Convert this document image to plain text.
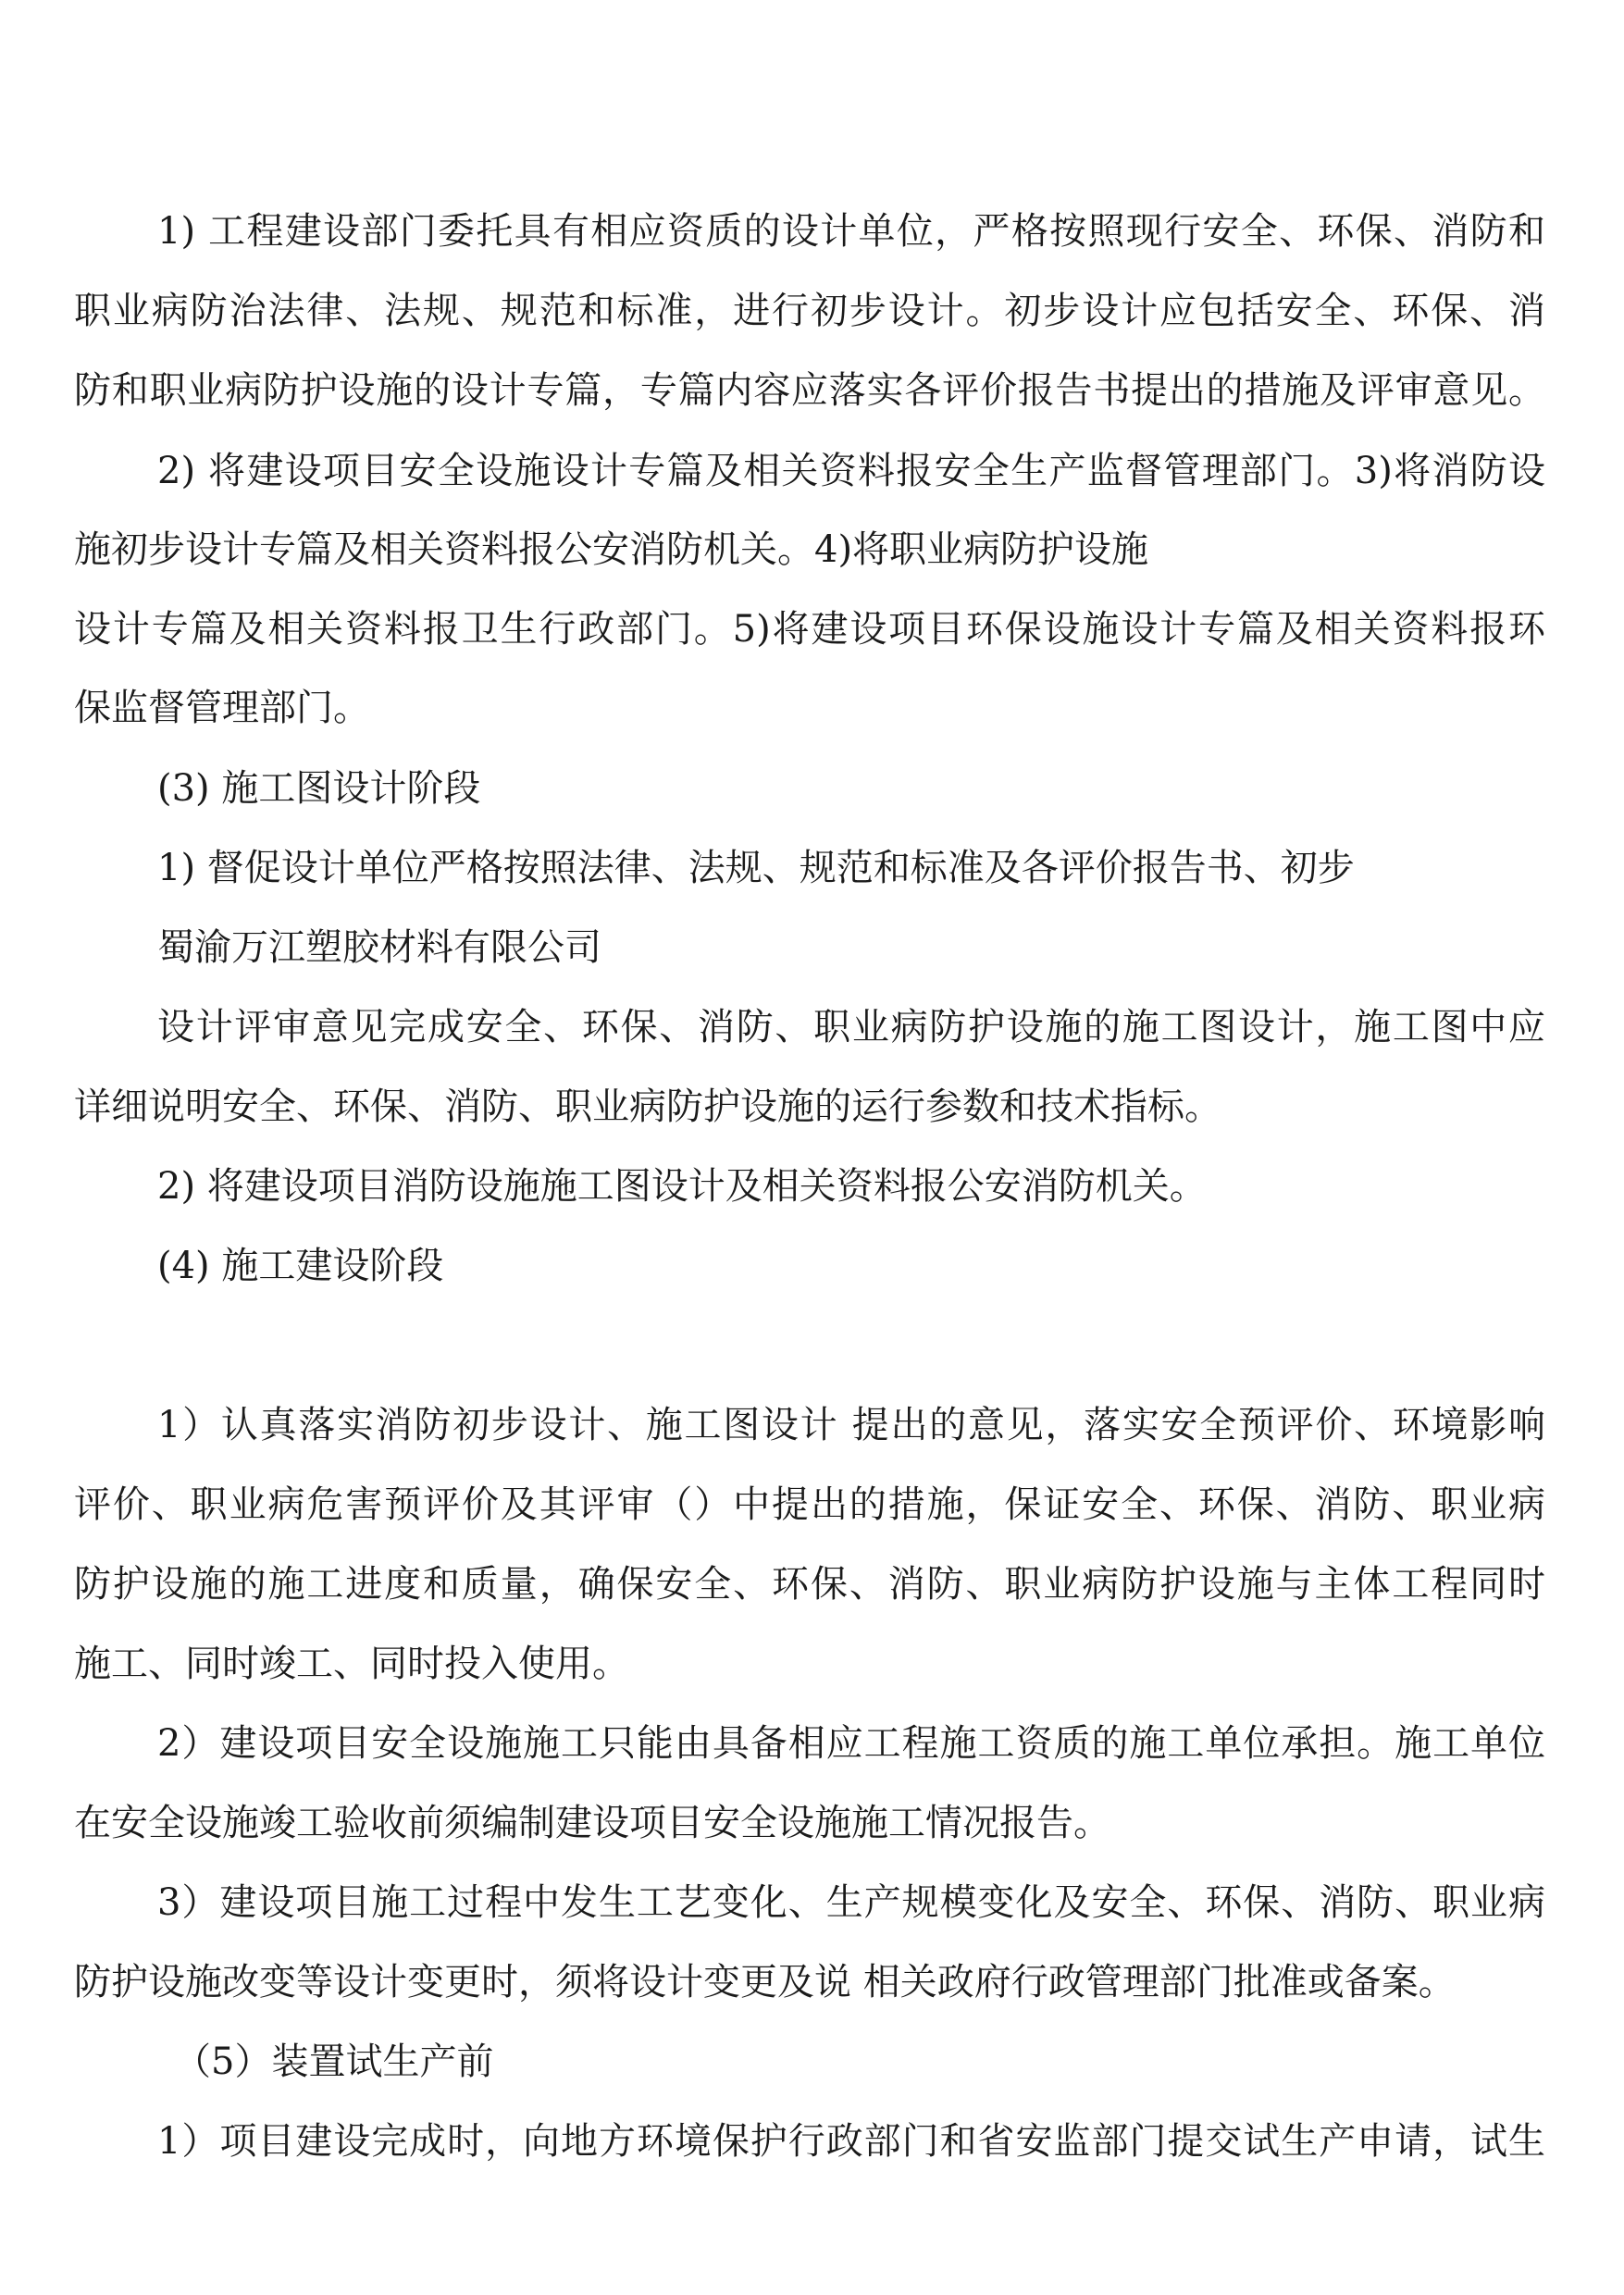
1) 工程建设部门委托具有相应资质的设计单位，严格按照现行安全、环保、消防和

职业病防治法律、法规、规范和标准，进行初步设计。初步设计应包括安全、环保、消

防和职业病防护设施的设计专篇，专篇内容应落实各评价报告书提出的措施及评审意见。

2) 将建设项目安全设施设计专篇及相关资料报安全生产监督管理部门。3)将消防设

施初步设计专篇及相关资料报公安消防机关。4)将职业病防护设施

设计专篇及相关资料报卫生行政部门。5)将建设项目环保设施设计专篇及相关资料报环

保监督管理部门。

(3) 施工图设计阶段

1) 督促设计单位严格按照法律、法规、规范和标准及各评价报告书、初步

蜀渝万江塑胶材料有限公司

设计评审意见完成安全、环保、消防、职业病防护设施的施工图设计，施工图中应

详细说明安全、环保、消防、职业病防护设施的运行参数和技术指标。

2) 将建设项目消防设施施工图设计及相关资料报公安消防机关。

(4) 施工建设阶段

1）认真落实消防初步设计、施工图设计 提出的意见，落实安全预评价、环境影响

评价、职业病危害预评价及其评审（）中提出的措施，保证安全、环保、消防、职业病

防护设施的施工进度和质量，确保安全、环保、消防、职业病防护设施与主体工程同时

施工、同时竣工、同时投入使用。

2）建设项目安全设施施工只能由具备相应工程施工资质的施工单位承担。施工单位

在安全设施竣工验收前须编制建设项目安全设施施工情况报告。

3）建设项目施工过程中发生工艺变化、生产规模变化及安全、环保、消防、职业病

防护设施改变等设计变更时，须将设计变更及说 相关政府行政管理部门批准或备案。

（5）装置试生产前

1）项目建设完成时，向地方环境保护行政部门和省安监部门提交试生产申请，试生
